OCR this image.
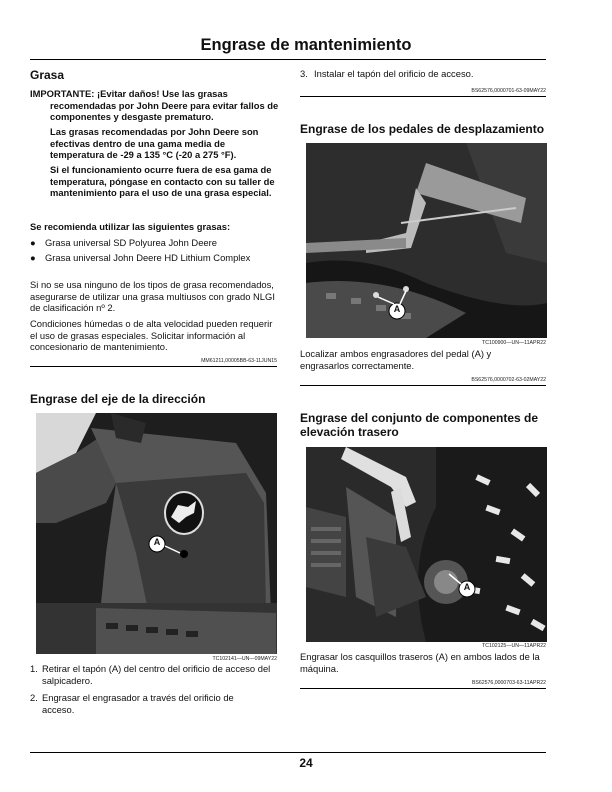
Engrase de mantenimiento
Grasa
IMPORTANTE: ¡Evitar daños! Use las grasas recomendadas por John Deere para evitar fallos de componentes y desgaste prematuro.
Las grasas recomendadas por John Deere son efectivas dentro de una gama media de temperatura de -29 a 135 °C (-20 a 275 °F).
Si el funcionamiento ocurre fuera de esa gama de temperatura, póngase en contacto con su taller de mantenimiento para el uso de una grasa especial.
Se recomienda utilizar las siguientes grasas:
● Grasa universal SD Polyurea John Deere
● Grasa universal John Deere HD Lithium Complex
Si no se usa ninguno de los tipos de grasa recomendados, asegurarse de utilizar una grasa multiusos con grado NLGI de clasificación nº 2.
Condiciones húmedas o de alta velocidad pueden requerir el uso de grasas especiales. Solicitar información al concesionario de mantenimiento.
MM61211,00005BB-63-11JUN15
Engrase del eje de la dirección
A
TC102141—UN—09MAY22
1. Retirar el tapón (A) del centro del orificio de acceso del salpicadero.
2. Engrasar el engrasador a través del orificio de acceso.
3. Instalar el tapón del orificio de acceso.
BS62576,0000701-63-09MAY22
Engrase de los pedales de desplazamiento
A
TC100900—UN—11APR22
Localizar ambos engrasadores del pedal (A) y engrasarlos correctamente.
BS62576,0000702-63-02MAY22
Engrase del conjunto de componentes de elevación trasero
A
TC102125—UN—11APR22
Engrasar los casquillos traseros (A) en ambos lados de la máquina.
BS62576,0000703-63-11APR22
24
